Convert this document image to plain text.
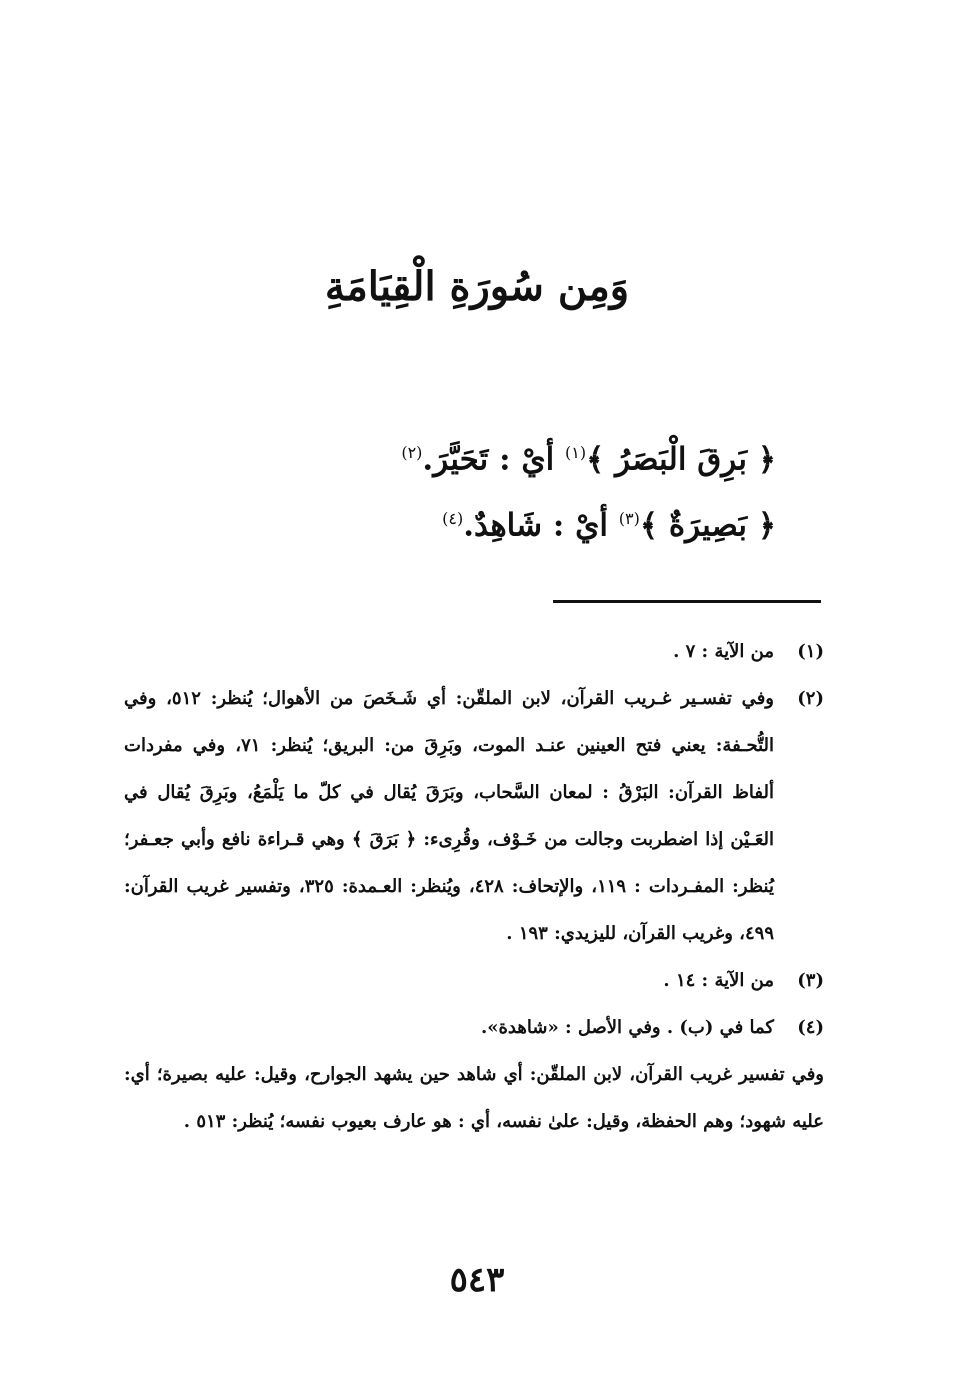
وَمِن سُورَةِ الْقِيَامَةِ
﴿ بَرِقَ الْبَصَرُ ﴾$^{(١)}$ أيْ : تَحَيَّرَ.$^{(٢)}$
﴿ بَصِيرَةٌ ﴾$^{(٣)}$ أيْ : شَاهِدٌ.$^{(٤)}$
(١)
من الآية : ٧ .
(٢)
وفي تفسـير غـريب القرآن، لابن الملقّن: أي شَـخَصَ من الأهوال؛ يُنظر: ٥١٢، وفي التُّحـفة: يعني فتح العينين عنـد الموت، وبَرِقَ من: البريق؛ يُنظر: ٧١، وفي مفردات ألفاظ القرآن: البَرْقُ : لمعان السَّحاب، وبَرَقَ يُقال في كلّ ما يَلْمَعُ، وبَرِقَ يُقال في العَـيْن إذا اضطربت وجالت من خَـوْف، وقُرِىء: ﴿ بَرَقَ ﴾ وهي قـراءة نافع وأبي جعـفر؛ يُنظر: المفـردات : ١١٩، والإتحاف: ٤٢٨، ويُنظر: العـمدة: ٣٢٥، وتفسير غريب القرآن: ٤٩٩، وغريب القرآن، لليزيدي: ١٩٣ .
(٣)
من الآية : ١٤ .
(٤)
كما في (ب) . وفي الأصل : «شاهدة».
وفي تفسير غريب القرآن، لابن الملقّن: أي شاهد حين يشهد الجوارح، وقيل: عليه بصيرة؛ أي: عليه شهود؛ وهم الحفظة، وقيل: علىٰ نفسه، أي : هو عارف بعيوب نفسه؛ يُنظر: ٥١٣ .
٥٤٣
